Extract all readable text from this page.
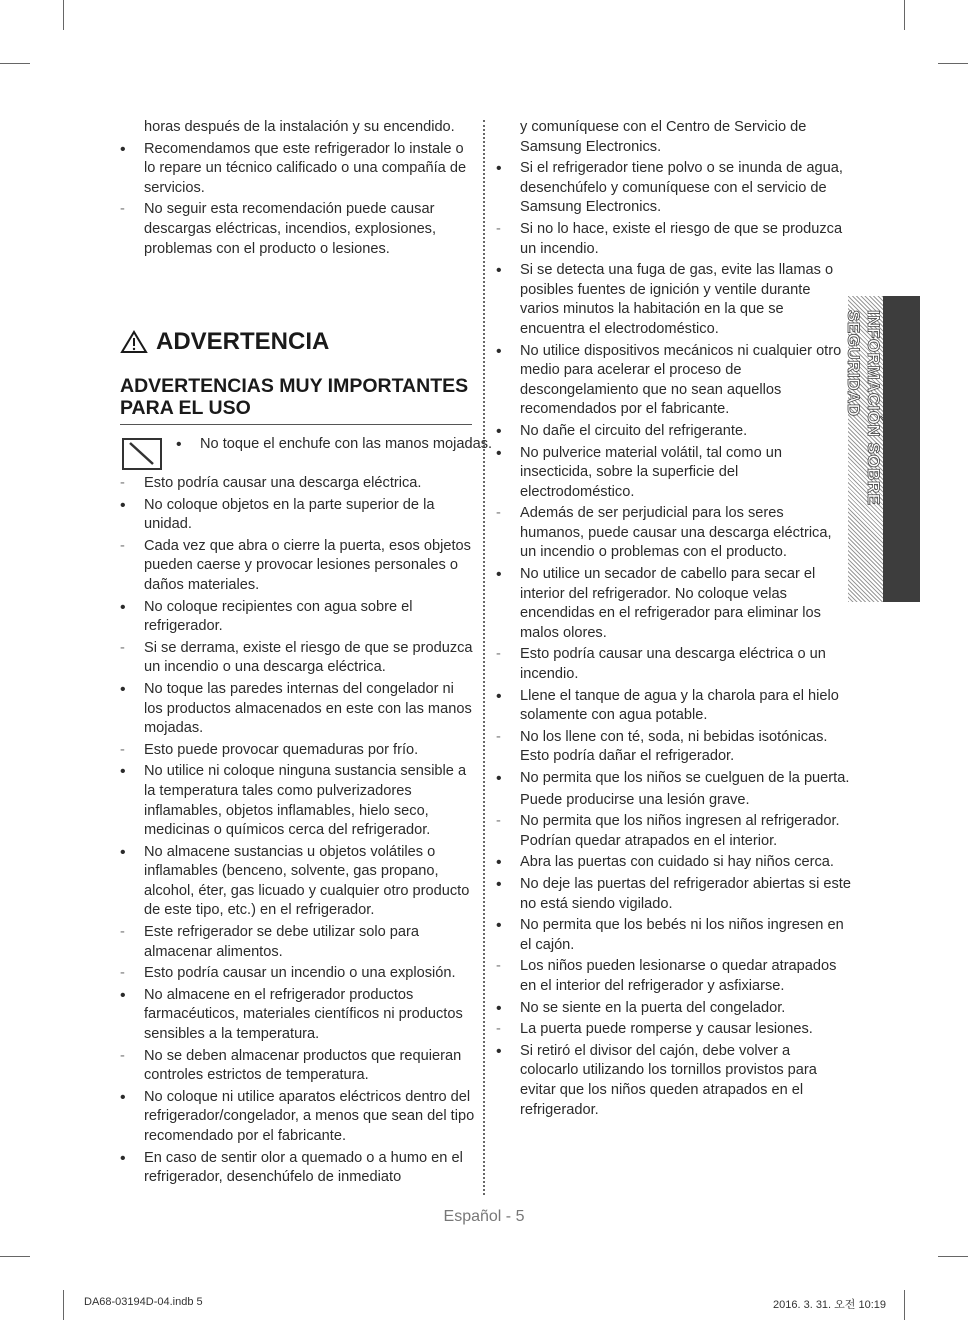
horas después de la instalación y su encendido.
•
Recomendamos que este refrigerador lo instale o lo repare un técnico calificado o una compañía de servicios.
-
No seguir esta recomendación puede causar descargas eléctricas, incendios, explosiones, problemas con el producto o lesiones.
ADVERTENCIA
ADVERTENCIAS MUY IMPORTANTES PARA EL USO
•
No toque el enchufe con las manos mojadas.
-
Esto podría causar una descarga eléctrica.
•
No coloque objetos en la parte superior de la unidad.
-
Cada vez que abra o cierre la puerta, esos objetos pueden caerse y provocar lesiones personales o daños materiales.
•
No coloque recipientes con agua sobre el refrigerador.
-
Si se derrama, existe el riesgo de que se produzca un incendio o una descarga eléctrica.
•
No toque las paredes internas del congelador ni los productos almacenados en este con las manos mojadas.
-
Esto puede provocar quemaduras por frío.
•
No utilice ni coloque ninguna sustancia sensible a la temperatura tales como pulverizadores inflamables, objetos inflamables, hielo seco, medicinas o químicos cerca del refrigerador.
•
No almacene sustancias u objetos volátiles o inflamables (benceno, solvente, gas propano, alcohol, éter, gas licuado y cualquier otro producto de este tipo, etc.) en el refrigerador.
-
Este refrigerador se debe utilizar solo para almacenar alimentos.
-
Esto podría causar un incendio o una explosión.
•
No almacene en el refrigerador productos farmacéuticos, materiales científicos ni productos sensibles a la temperatura.
-
No se deben almacenar productos que requieran controles estrictos de temperatura.
•
No coloque ni utilice aparatos eléctricos dentro del refrigerador/congelador, a menos que sean del tipo recomendado por el fabricante.
•
En caso de sentir olor a quemado o a humo en el refrigerador, desenchúfelo de inmediato
y comuníquese con el Centro de Servicio de Samsung Electronics.
•
Si el refrigerador tiene polvo o se inunda de agua, desenchúfelo y comuníquese con el servicio de Samsung Electronics.
-
Si no lo hace, existe el riesgo de que se produzca un incendio.
•
Si se detecta una fuga de gas, evite las llamas o posibles fuentes de ignición y ventile durante varios minutos la habitación en la que se encuentra el electrodoméstico.
•
No utilice dispositivos mecánicos ni cualquier otro medio para acelerar el proceso de descongelamiento que no sean aquellos recomendados por el fabricante.
•
No dañe el circuito del refrigerante.
•
No pulverice material volátil, tal como un insecticida, sobre la superficie del electrodoméstico.
-
Además de ser perjudicial para los seres humanos, puede causar una descarga eléctrica, un incendio o problemas con el producto.
•
No utilice un secador de cabello para secar el interior del refrigerador. No coloque velas encendidas en el refrigerador para eliminar los malos olores.
-
Esto podría causar una descarga eléctrica o un incendio.
•
Llene el tanque de agua y la charola para el hielo solamente con agua potable.
-
No los llene con té, soda, ni bebidas isotónicas. Esto podría dañar el refrigerador.
•
No permita que los niños se cuelguen de la puerta.
Puede producirse una lesión grave.
-
No permita que los niños ingresen al refrigerador. Podrían quedar atrapados en el interior.
•
Abra las puertas con cuidado si hay niños cerca.
•
No deje las puertas del refrigerador abiertas si este no está siendo vigilado.
•
No permita que los bebés ni los niños ingresen en el cajón.
-
Los niños pueden lesionarse o quedar atrapados en el interior del refrigerador y asfixiarse.
•
No se siente en la puerta del congelador.
-
La puerta puede romperse y causar lesiones.
•
Si retiró el divisor del cajón, debe volver a colocarlo utilizando los tornillos provistos para evitar que los niños queden atrapados en el refrigerador.
INFORMACIÓN SOBRE SEGURIDAD
Español - 5
DA68-03194D-04.indb 5	2016. 3. 31. 오전 10:19
